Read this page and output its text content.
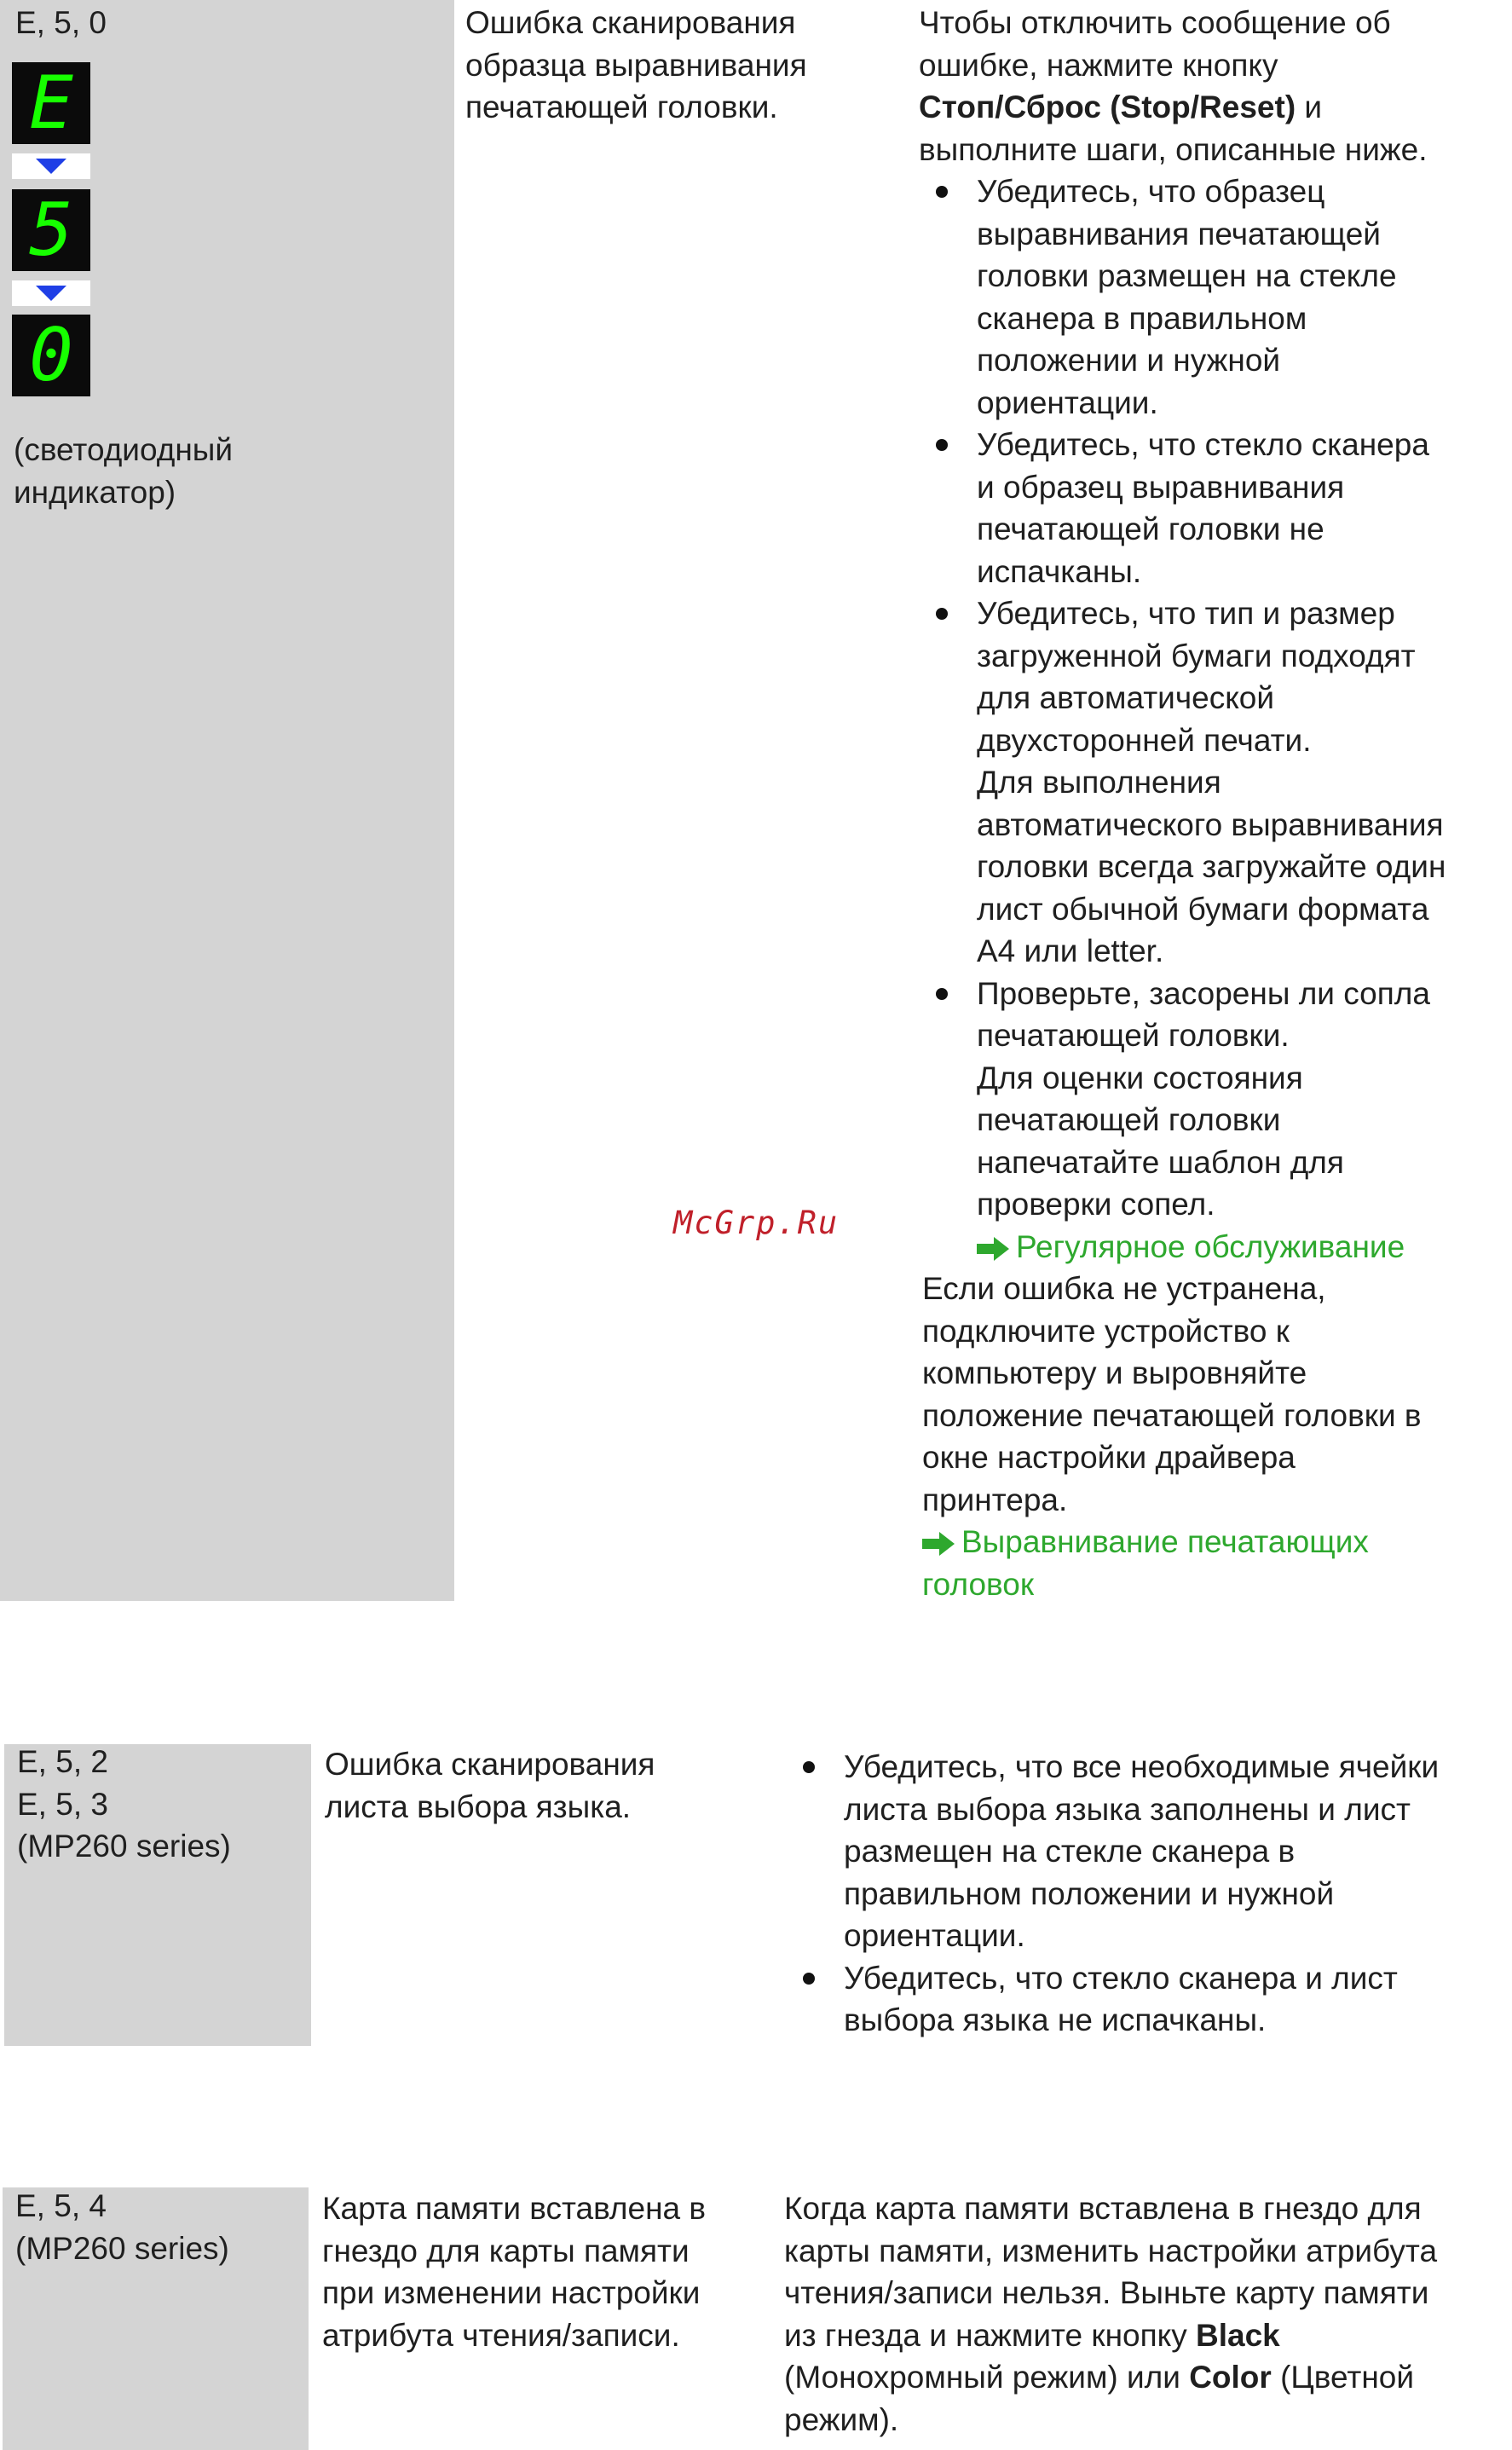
E, 5, 0
E
5
0
(светодиодный
индикатор)
Ошибка сканирования
образца выравнивания
печатающей головки.
Чтобы отключить сообщение об
ошибке, нажмите кнопку
Стоп/Сброс (Stop/Reset) и
выполните шаги, описанные ниже.
Убедитесь, что образец
выравнивания печатающей
головки размещен на стекле
сканера в правильном
положении и нужной
ориентации.
Убедитесь, что стекло сканера
и образец выравнивания
печатающей головки не
испачканы.
Убедитесь, что тип и размер
загруженной бумаги подходят
для автоматической
двухсторонней печати.
Для выполнения
автоматического выравнивания
головки всегда загружайте один
лист обычной бумаги формата
A4 или letter.
Проверьте, засорены ли сопла
печатающей головки.
Для оценки состояния
печатающей головки
напечатайте шаблон для
проверки сопел.
Регулярное обслуживание
Если ошибка не устранена,
подключите устройство к
компьютеру и выровняйте
положение печатающей головки в
окне настройки драйвера
принтера.
Выравнивание печатающих
головок
McGrp.Ru
E, 5, 2
E, 5, 3
(MP260 series)
Ошибка сканирования
листа выбора языка.
Убедитесь, что все необходимые ячейки
листа выбора языка заполнены и лист
размещен на стекле сканера в
правильном положении и нужной
ориентации.
Убедитесь, что стекло сканера и лист
выбора языка не испачканы.
E, 5, 4
(MP260 series)
Карта памяти вставлена в
гнездо для карты памяти
при изменении настройки
атрибута чтения/записи.
Когда карта памяти вставлена в гнездо для
карты памяти, изменить настройки атрибута
чтения/записи нельзя. Выньте карту памяти
из гнезда и нажмите кнопку Black
(Монохромный режим) или Color (Цветной
режим).
